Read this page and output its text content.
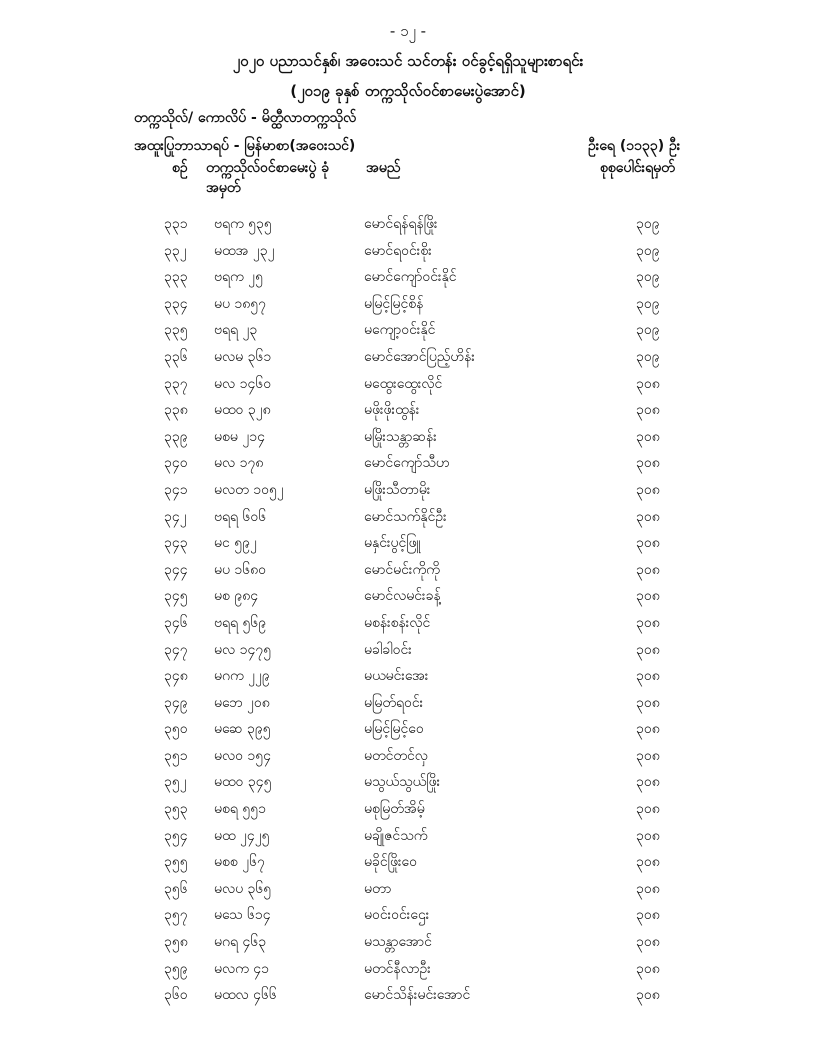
- ၁၂ -
၂၀၂၀ ပညာသင်နှစ်၊ အဝေးသင် သင်တန်း ဝင်ခွင့်ရရှိသူများစာရင်း
(၂၀၁၉ ခုနှစ် တက္ကသိုလ်ဝင်စာမေးပွဲအောင်)
တက္ကသိုလ်/ ကောလိပ် - မိတ္ထီလာတက္ကသိုလ်
အထူးပြုဘာသာရပ် - မြန်မာစာ(အဝေးသင်)	ဦးရေ (၁၁၃၃) ဦး
စဉ် တက္ကသိုလ်ဝင်စာမေးပွဲ ခုံအမှတ်
အမည်	စုစုပေါင်းရမှတ်
၃၃၁ ဗရက ၅၃၅	မောင်ရန်ရန်ဖြိုး	၃၀၉
၃၃၂ မထအ ၂၃၂	မောင်ရဝင်းစိုး	၃၀၉
၃၃၃ ဗရက ၂၅	မောင်ကျော်ဝင်းနိုင်	၃၀၉
၃၃၄ မပ ၁၈၅၇	မမြင့်မြင့်စိန်	၃၀၉
၃၃၅ ဗရရ ၂၃	မကျော့ဝင်းနိုင်	၃၀၉
၃၃၆ မလမ ၃၆၁	မောင်အောင်ပြည့်ဟိန်း	၃၀၉
၃၃၇ မလ ၁၄၆၀	မထွေးထွေးလိုင်	၃၀၈
၃၃၈ မထဝ ၃၂၈	မဖိုးဖိုးထွန်း	၃၀၈
၃၃၉ မစမ ၂၁၄	မမြိုးသန္တာဆန်း	၃၀၈
၃၄၀ မလ ၁၇၈	မောင်ကျော်သီဟ	၃၀၈
၃၄၁ မလတ ၁၀၅၂	မဖြိုးသီတာမိုး	၃၀၈
၃၄၂ ဗရရ ၆၀၆	မောင်သက်နိုင်ဦး	၃၀၈
၃၄၃ မင ၅၉၂	မနှင်းပွင့်ဖြူ	၃၀၈
၃၄၄ မပ ၁၆၈၀	မောင်မင်းကိုကို	၃၀၈
၃၄၅ မစ ၉၈၄	မောင်လမင်းခန့်	၃၀၈
၃၄၆ ဗရရ ၅၆၉	မစန်းစန်းလိုင်	၃၀၈
၃၄၇ မလ ၁၄၇၅	မခါခါဝင်း	၃၀၈
၃၄၈ မဂက ၂၂၉	မယမင်းအေး	၃၀၈
၃၄၉ မဘေ ၂၀၈	မမြတ်ရဝင်း	၃၀၈
၃၅၀ မဆေ ၃၉၅	မမြင့်မြင့်ဝေ	၃၀၈
၃၅၁ မလဝ ၁၅၄	မတင်တင်လှ	၃၀၈
၃၅၂ မထဝ ၃၄၅	မသွယ်သွယ်ဖြိုး	၃၀၈
၃၅၃ မစရ ၅၅၁	မစုမြတ်အိမ့်	၃၀၈
၃၅၄ မထ ၂၄၂၅	မချိုဇင်သက်	၃၀၈
၃၅၅ မစစ ၂၆၇	မခိုင်ဖြိုးဝေ	၃၀၈
၃၅၆ မလပ ၃၆၅	မတာ	၃၀၈
၃၅၇ မသေ ၆၁၄	မဝင်းဝင်းဌေး	၃၀၈
၃၅၈ မဂရ ၄၆၃	မသန္တာအောင်	၃၀၈
၃၅၉ မလက ၄၁	မတင်နီလာဦး	၃၀၈
၃၆၀ မထလ ၄၆၆	မောင်သိန်းမင်းအောင်	၃၀၈
